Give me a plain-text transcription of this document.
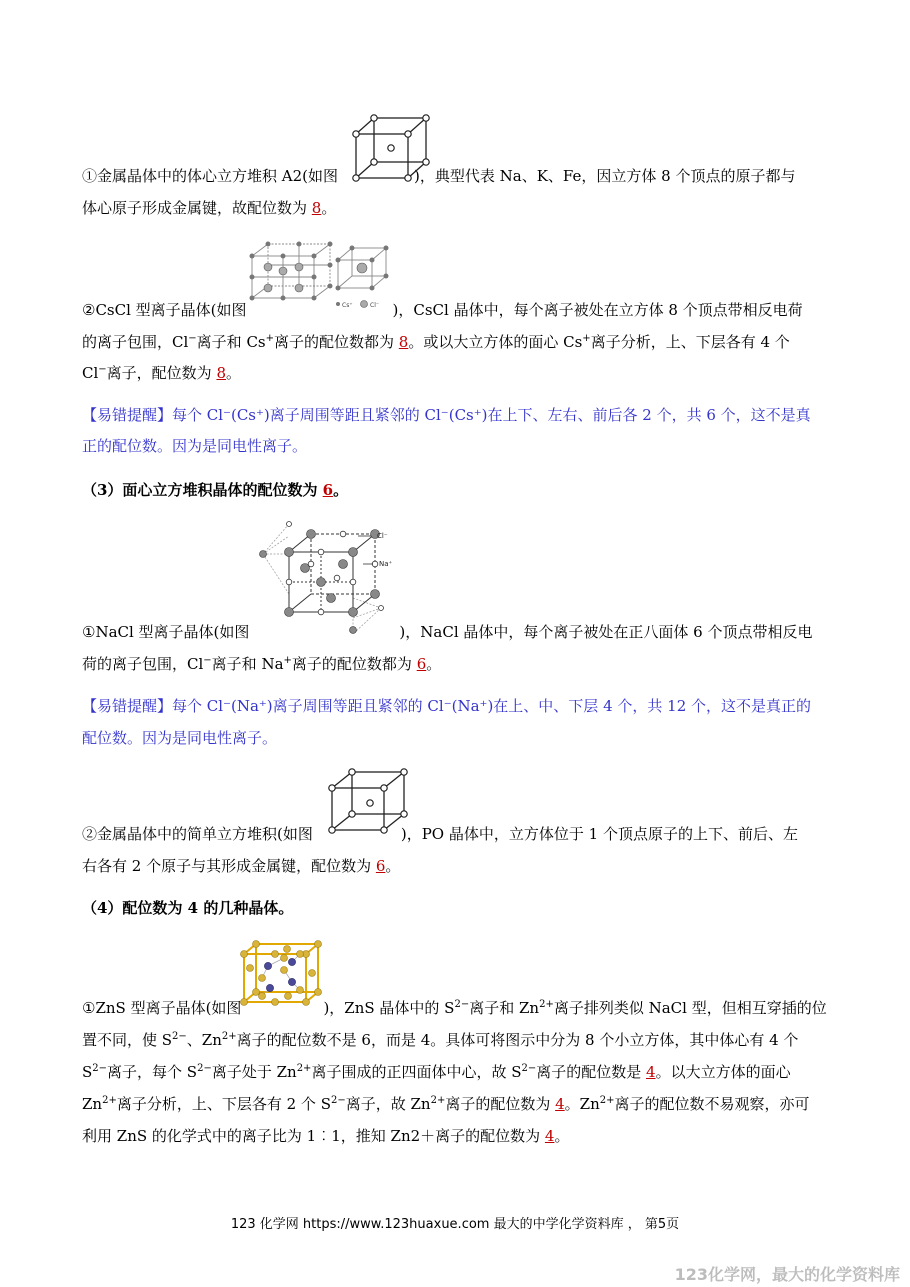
①金属晶体中的体心立方堆积 A2(如图	)，典型代表 Na、K、Fe，因立方体 8 个顶点的原子都与
体心原子形成金属键，故配位数为 8。
Cs⁺	Cl⁻
②CsCl 型离子晶体(如图	)，CsCl 晶体中，每个离子被处在立方体 8 个顶点带相反电荷
的离子包围，Cl−离子和 Cs+离子的配位数都为 8。或以大立方体的面心 Cs+离子分析，上、下层各有 4 个
Cl−离子，配位数为 8。
【易错提醒】每个 Cl⁻(Cs⁺)离子周围等距且紧邻的 Cl⁻(Cs⁺)在上下、左右、前后各 2 个，共 6 个，这不是真
正的配位数。因为是同电性离子。
（3）面心立方堆积晶体的配位数为 6。
Cl⁻
Na⁺
①NaCl 型离子晶体(如图	)，NaCl 晶体中，每个离子被处在正八面体 6 个顶点带相反电
荷的离子包围，Cl−离子和 Na+离子的配位数都为 6。
【易错提醒】每个 Cl⁻(Na⁺)离子周围等距且紧邻的 Cl⁻(Na⁺)在上、中、下层 4 个，共 12 个，这不是真正的
配位数。因为是同电性离子。
②金属晶体中的简单立方堆积(如图	)，PO 晶体中，立方体位于 1 个顶点原子的上下、前后、左
右各有 2 个原子与其形成金属键，配位数为 6。
（4）配位数为 4 的几种晶体。
①ZnS 型离子晶体(如图	)，ZnS 晶体中的 $S^{2-}$离子和 $Zn^{2+}$离子排列类似 NaCl 型，但相互穿插的位
置不同，使 $S^{2-}$、$Zn^{2+}$离子的配位数不是 6，而是 4。具体可将图示中分为 8 个小立方体，其中体心有 4 个
$S^{2-}$离子，每个 $S^{2-}$离子处于 $Zn^{2+}$离子围成的正四面体中心，故 $S^{2-}$离子的配位数是 4。以大立方体的面心
$Zn^{2+}$离子分析，上、下层各有 2 个 $S^{2-}$离子，故 $Zn^{2+}$离子的配位数为 4。$Zn^{2+}$离子的配位数不易观察，亦可
利用 ZnS 的化学式中的离子比为 1︰1，推知 Zn2＋离子的配位数为 4。
123 化学网 https://www.123huaxue.com 最大的中学化学资料库 ， 第5页
123化学网，最大的化学资料库
